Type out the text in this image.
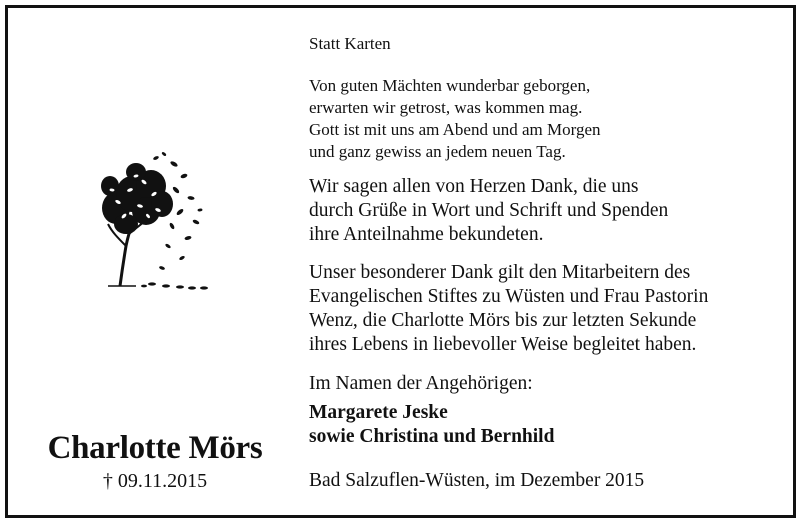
Charlotte Mörs
† 09.11.2015

Statt Karten

Von guten Mächten wunderbar geborgen,
erwarten wir getrost, was kommen mag.
Gott ist mit uns am Abend und am Morgen
und ganz gewiss an jedem neuen Tag.

Wir sagen allen von Herzen Dank, die uns
durch Grüße in Wort und Schrift und Spenden
ihre Anteilnahme bekundeten.

Unser besonderer Dank gilt den Mitarbeitern des
Evangelischen Stiftes zu Wüsten und Frau Pastorin
Wenz, die Charlotte Mörs bis zur letzten Sekunde
ihres Lebens in liebevoller Weise begleitet haben.

Im Namen der Angehörigen:

Margarete Jeske
sowie Christina und Bernhild

Bad Salzuflen-Wüsten, im Dezember 2015
